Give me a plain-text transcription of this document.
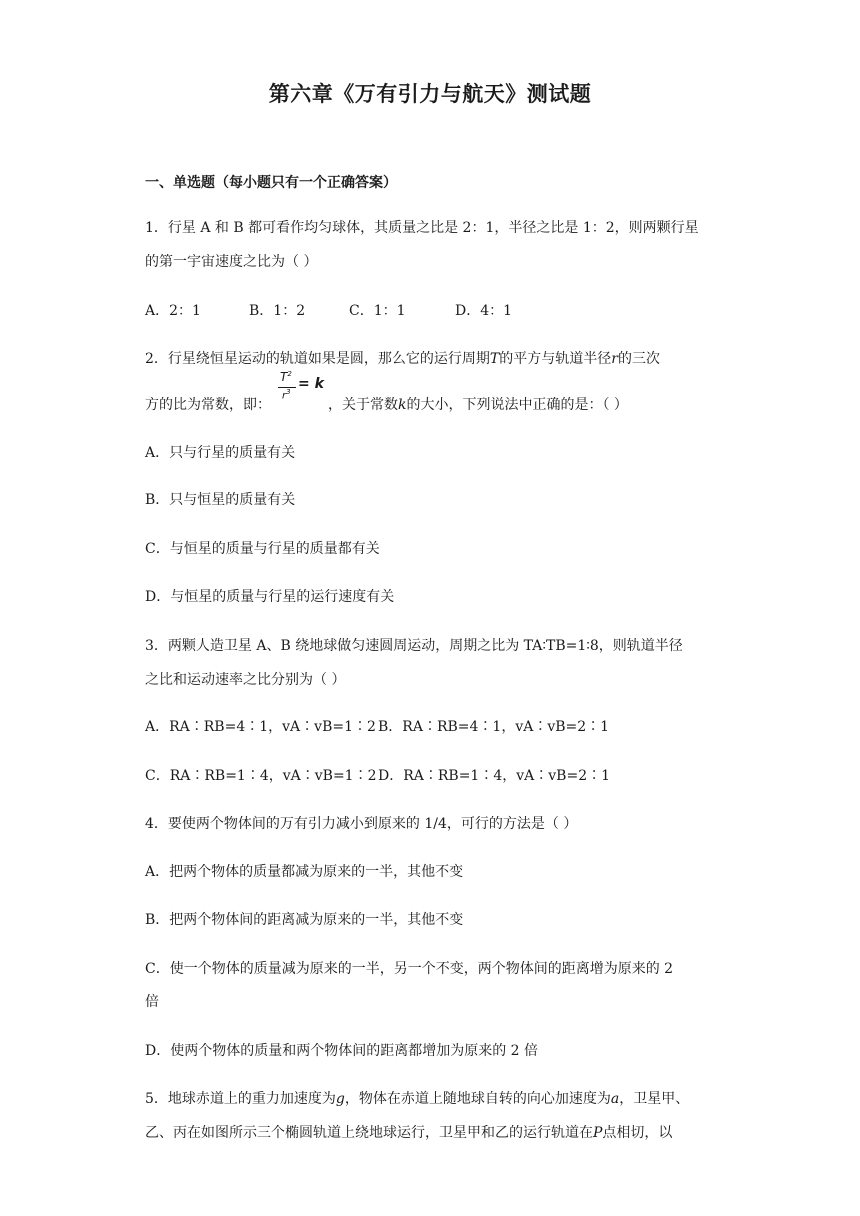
第六章《万有引力与航天》测试题
一、单选题（每小题只有一个正确答案）
1．行星 A 和 B 都可看作均匀球体，其质量之比是 2：1，半径之比是 1：2，则两颗行星
的第一宇宙速度之比为（ ）
A．2：1	B．1：2	C．1：1	D．4：1
2．行星绕恒星运动的轨道如果是圆，那么它的运行周期T的平方与轨道半径r的三次
方的比为常数，即：
$T^2$
$r^3 = k$
，关于常数k的大小，下列说法中正确的是：（ ）
A．只与行星的质量有关
B．只与恒星的质量有关
C．与恒星的质量与行星的质量都有关
D．与恒星的质量与行星的运行速度有关
3．两颗人造卫星 A、B 绕地球做匀速圆周运动，周期之比为 TA∶TB=1∶8，则轨道半径
之比和运动速率之比分别为（ ）
A．RA∶RB=4∶1，vA∶vB=1∶2 B．RA∶RB=4∶1，vA∶vB=2∶1
C．RA∶RB=1∶4，vA∶vB=1∶2 D．RA∶RB=1∶4，vA∶vB=2∶1
4．要使两个物体间的万有引力减小到原来的 1/4，可行的方法是（ ）
A．把两个物体的质量都减为原来的一半，其他不变
B．把两个物体间的距离减为原来的一半，其他不变
C．使一个物体的质量减为原来的一半，另一个不变，两个物体间的距离增为原来的 2
倍
D．使两个物体的质量和两个物体间的距离都增加为原来的 2 倍
5．地球赤道上的重力加速度为g，物体在赤道上随地球自转的向心加速度为a，卫星甲、
乙、丙在如图所示三个椭圆轨道上绕地球运行，卫星甲和乙的运行轨道在P点相切，以
